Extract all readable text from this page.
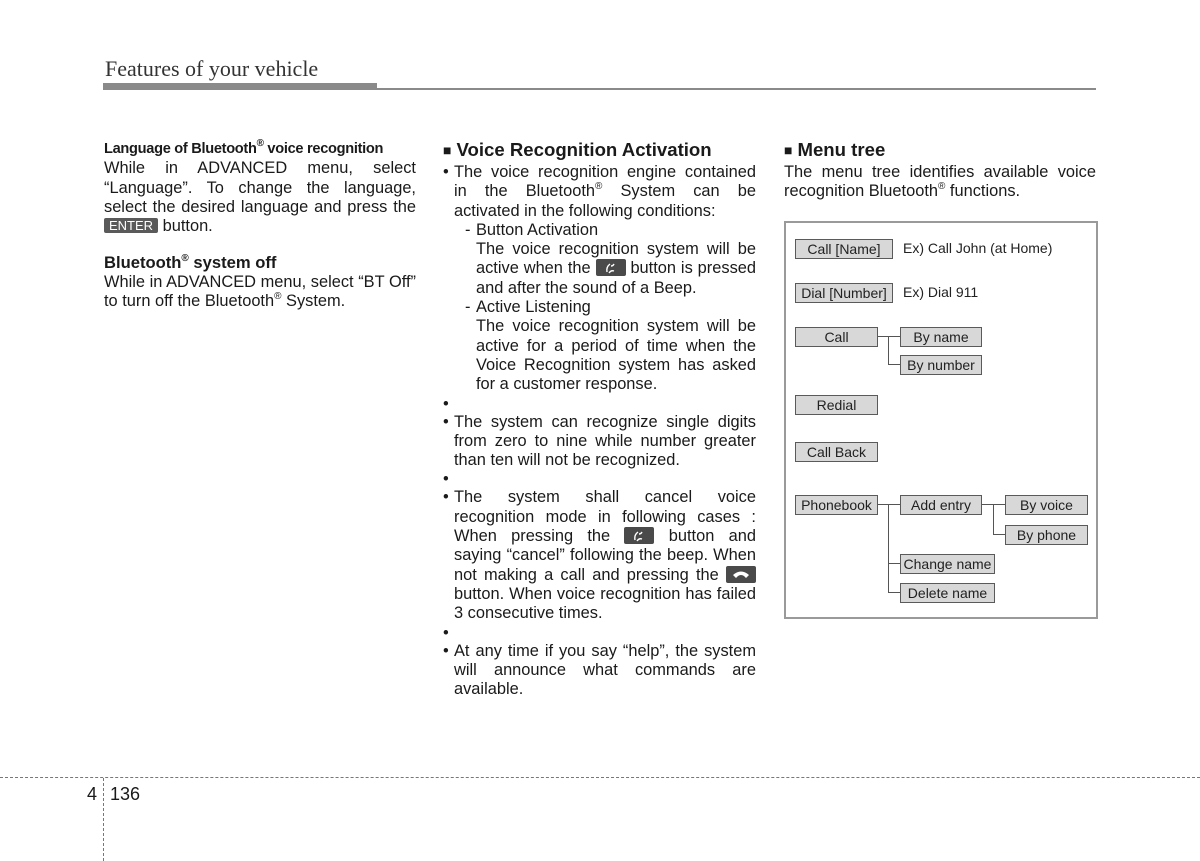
Features of your vehicle

Language of Bluetooth® voice recognition

While in ADVANCED menu, select “Language”. To change the language, select the desired language and press the ENTER button.

Bluetooth® system off

While in ADVANCED menu, select “BT Off” to turn off the Bluetooth® System.

■ Voice Recognition Activation

• The voice recognition engine contained in the Bluetooth® System can be activated in the following conditions:

- Button Activation

The voice recognition system will be active when the
button is pressed and after the sound of a Beep.

- Active Listening

The voice recognition system will be active for a period of time when the Voice Recognition system has asked for a customer response.

•

• The system can recognize single digits from zero to nine while number greater than ten will not be recognized.

•

• The system shall cancel voice recognition mode in following cases : When pressing the
button and saying “cancel” following the beep. When not making a call and pressing the
button. When voice recognition has failed 3 consecutive times.

•

• At any time if you say “help”, the system will announce what commands are available.

■ Menu tree

The menu tree identifies available voice recognition Bluetooth® functions.

Call [Name]	Ex) Call John (at Home)
Dial [Number]	Ex) Dial 911
Call	By name
By number
Redial
Call Back
Phonebook	Add entry	By voice
By phone
Change name
Delete name
4 136
